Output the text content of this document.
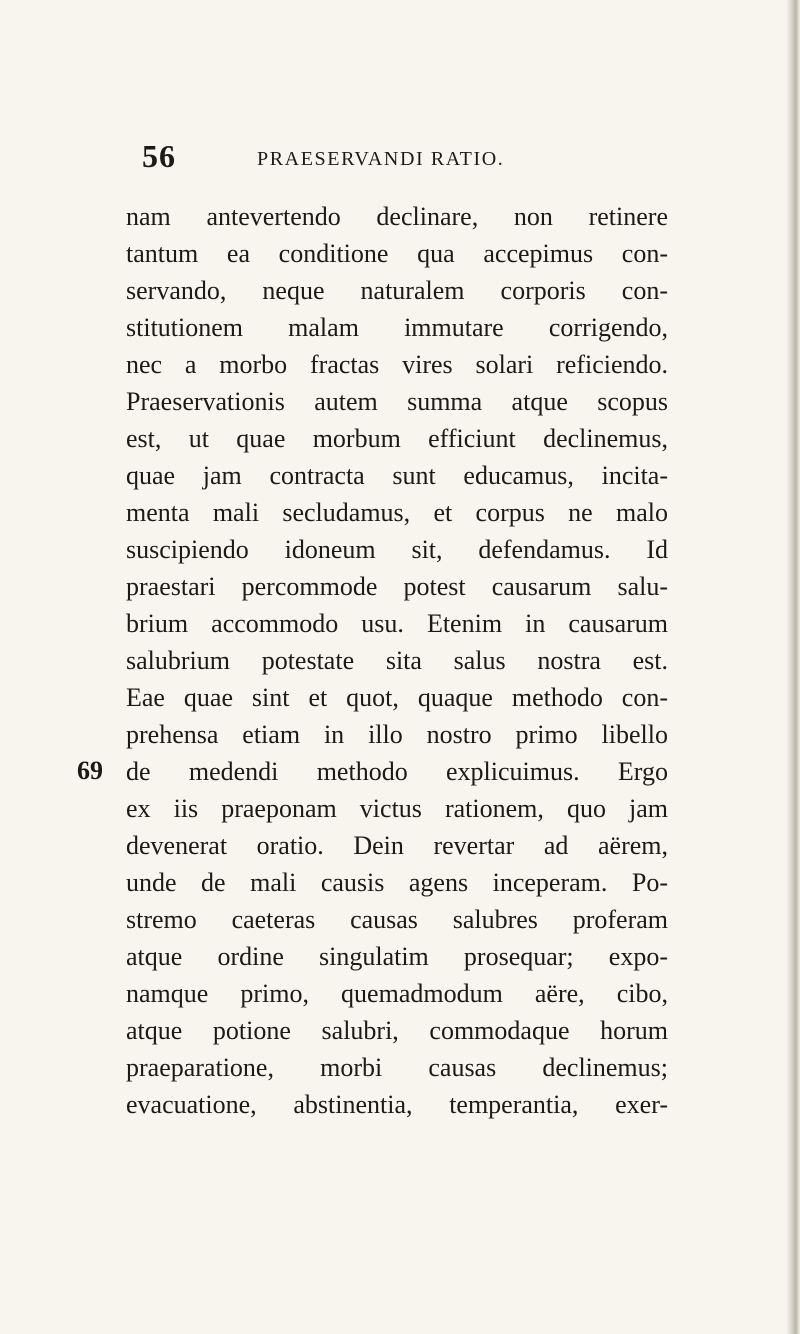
56	PRAESERVANDI RATIO.
69
nam antevertendo declinare, non retinere
tantum ea conditione qua accepimus con-
servando, neque naturalem corporis con-
stitutionem malam immutare corrigendo,
nec a morbo fractas vires solari reficiendo.
Praeservationis autem summa atque scopus
est, ut quae morbum efficiunt declinemus,
quae jam contracta sunt educamus, incita-
menta mali secludamus, et corpus ne malo
suscipiendo idoneum sit, defendamus. Id
praestari percommode potest causarum salu-
brium accommodo usu. Etenim in causarum
salubrium potestate sita salus nostra est.
Eae quae sint et quot, quaque methodo con-
prehensa etiam in illo nostro primo libello
de medendi methodo explicuimus. Ergo
ex iis praeponam victus rationem, quo jam
devenerat oratio. Dein revertar ad aërem,
unde de mali causis agens inceperam. Po-
stremo caeteras causas salubres proferam
atque ordine singulatim prosequar; expo-
namque primo, quemadmodum aëre, cibo,
atque potione salubri, commodaque horum
praeparatione, morbi causas declinemus;
evacuatione, abstinentia, temperantia, exer-
